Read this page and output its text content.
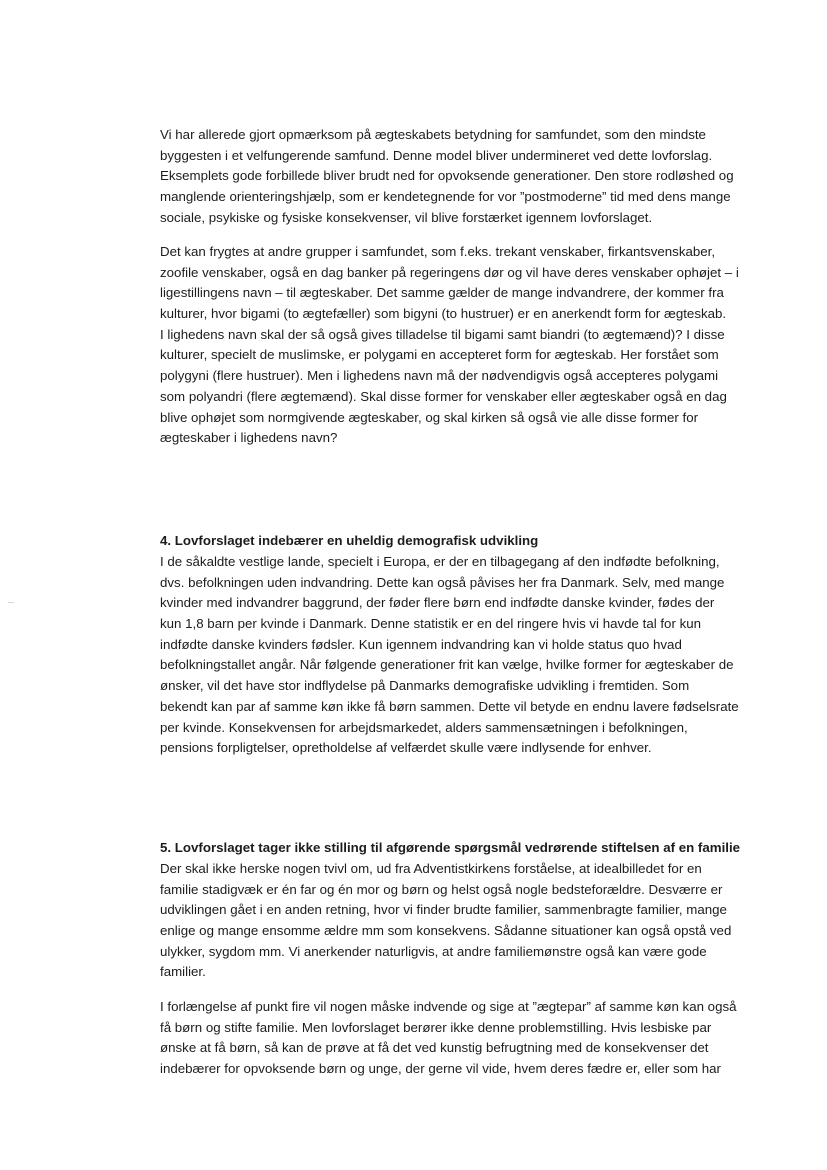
Vi har allerede gjort opmærksom på ægteskabets betydning for samfundet, som den mindste
byggesten i et velfungerende samfund. Denne model bliver undermineret ved dette lovforslag.
Eksemplets gode forbillede bliver brudt ned for opvoksende generationer. Den store rodløshed og
manglende orienteringshjælp, som er kendetegnende for vor ”postmoderne” tid med dens mange
sociale, psykiske og fysiske konsekvenser, vil blive forstærket igennem lovforslaget.

Det kan frygtes at andre grupper i samfundet, som f.eks. trekant venskaber, firkantsvenskaber,
zoofile venskaber, også en dag banker på regeringens dør og vil have deres venskaber ophøjet – i
ligestillingens navn – til ægteskaber. Det samme gælder de mange indvandrere, der kommer fra
kulturer, hvor bigami (to ægtefæller) som bigyni (to hustruer) er en anerkendt form for ægteskab.
I lighedens navn skal der så også gives tilladelse til bigami samt biandri (to ægtemænd)? I disse
kulturer, specielt de muslimske, er polygami en accepteret form for ægteskab. Her forstået som
polygyni (flere hustruer). Men i lighedens navn må der nødvendigvis også accepteres polygami
som polyandri (flere ægtemænd). Skal disse former for venskaber eller ægteskaber også en dag
blive ophøjet som normgivende ægteskaber, og skal kirken så også vie alle disse former for
ægteskaber i lighedens navn?

4. Lovforslaget indebærer en uheldig demografisk udvikling

I de såkaldte vestlige lande, specielt i Europa, er der en tilbagegang af den indfødte befolkning,
dvs. befolkningen uden indvandring. Dette kan også påvises her fra Danmark. Selv, med mange
kvinder med indvandrer baggrund, der føder flere børn end indfødte danske kvinder, fødes der
kun 1,8 barn per kvinde i Danmark. Denne statistik er en del ringere hvis vi havde tal for kun
indfødte danske kvinders fødsler. Kun igennem indvandring kan vi holde status quo hvad
befolkningstallet angår. Når følgende generationer frit kan vælge, hvilke former for ægteskaber de
ønsker, vil det have stor indflydelse på Danmarks demografiske udvikling i fremtiden. Som
bekendt kan par af samme køn ikke få børn sammen. Dette vil betyde en endnu lavere fødselsrate
per kvinde. Konsekvensen for arbejdsmarkedet, alders sammensætningen i befolkningen,
pensions forpligtelser, opretholdelse af velfærdet skulle være indlysende for enhver.

5. Lovforslaget tager ikke stilling til afgørende spørgsmål vedrørende stiftelsen af en familie

Der skal ikke herske nogen tvivl om, ud fra Adventistkirkens forståelse, at idealbilledet for en
familie stadigvæk er én far og én mor og børn og helst også nogle bedsteforældre. Desværre er
udviklingen gået i en anden retning, hvor vi finder brudte familier, sammenbragte familier, mange
enlige og mange ensomme ældre mm som konsekvens. Sådanne situationer kan også opstå ved
ulykker, sygdom mm. Vi anerkender naturligvis, at andre familiemønstre også kan være gode
familier.

I forlængelse af punkt fire vil nogen måske indvende og sige at ”ægtepar” af samme køn kan også
få børn og stifte familie. Men lovforslaget berører ikke denne problemstilling. Hvis lesbiske par
ønske at få børn, så kan de prøve at få det ved kunstig befrugtning med de konsekvenser det
indebærer for opvoksende børn og unge, der gerne vil vide, hvem deres fædre er, eller som har
